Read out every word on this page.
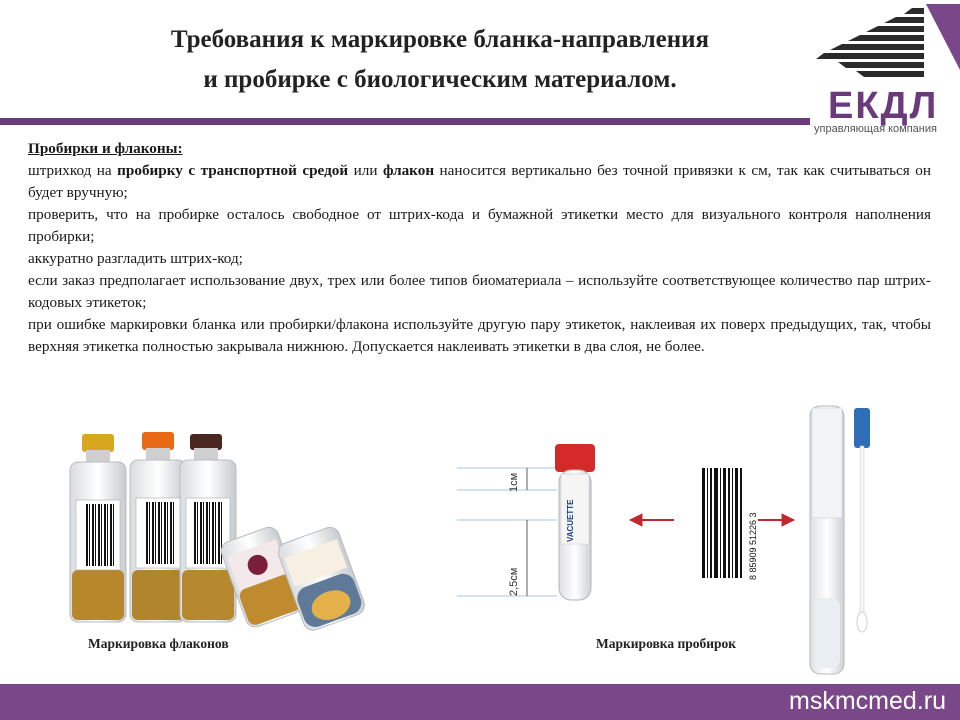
Требования к маркировке бланка-направления
и пробирке с биологическим материалом.
ЕКДЛ
управляющая компания

Пробирки и флаконы:

штрихкод на пробирку с транспортной средой или флакон наносится вертикально без точной привязки к см, так как считываться он будет вручную;

проверить, что на пробирке осталось свободное от штрих-кода и бумажной этикетки место для визуального контроля наполнения пробирки;

аккуратно разгладить штрих-код;

если заказ предполагает использование двух, трех или более типов биоматериала – используйте соответствующее количество пар штрих-кодовых этикеток;

при ошибке маркировки бланка или пробирки/флакона используйте другую пару этикеток, наклеивая их поверх предыдущих, так, чтобы верхняя этикетка полностью закрывала нижнюю. Допускается наклеивать этикетки в два слоя, не более.

Маркировка флаконов
1см
2,5см
VACUETTE	8 85909 51226 3
Маркировка пробирок
mskmcmed.ru
